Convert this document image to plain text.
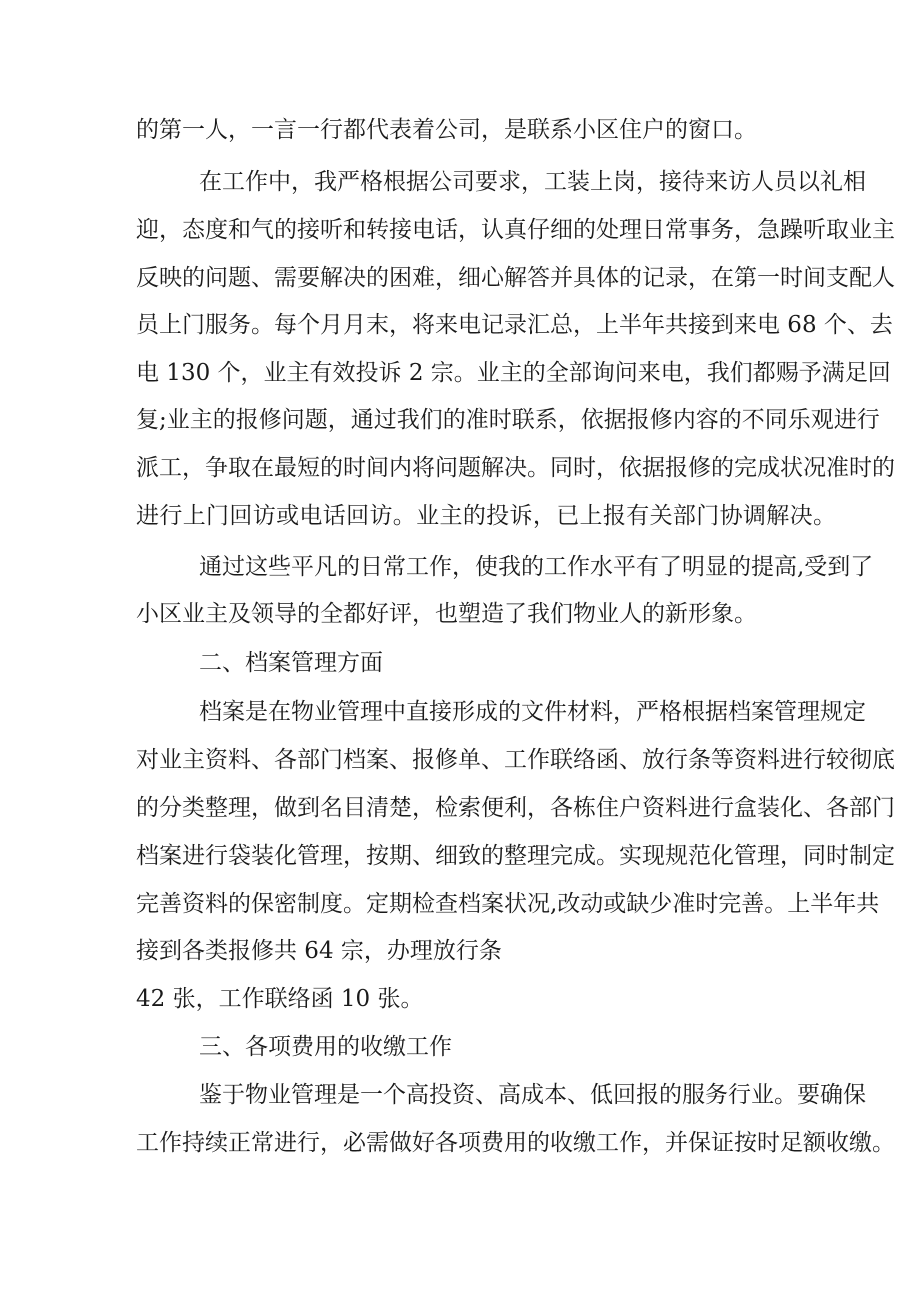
的第一人，一言一行都代表着公司，是联系小区住户的窗口。
在工作中，我严格根据公司要求，工装上岗，接待来访人员以礼相
迎，态度和气的接听和转接电话，认真仔细的处理日常事务，急躁听取业主
反映的问题、需要解决的困难，细心解答并具体的记录，在第一时间支配人
员上门服务。每个月月末，将来电记录汇总，上半年共接到来电 68 个、去
电 130 个，业主有效投诉 2 宗。业主的全部询问来电，我们都赐予满足回
复;业主的报修问题，通过我们的准时联系，依据报修内容的不同乐观进行
派工，争取在最短的时间内将问题解决。同时，依据报修的完成状况准时的
进行上门回访或电话回访。业主的投诉，已上报有关部门协调解决。
通过这些平凡的日常工作，使我的工作水平有了明显的提高,受到了
小区业主及领导的全都好评，也塑造了我们物业人的新形象。
二、档案管理方面
档案是在物业管理中直接形成的文件材料，严格根据档案管理规定
对业主资料、各部门档案、报修单、工作联络函、放行条等资料进行较彻底
的分类整理，做到名目清楚，检索便利，各栋住户资料进行盒装化、各部门
档案进行袋装化管理，按期、细致的整理完成。实现规范化管理，同时制定
完善资料的保密制度。定期检查档案状况,改动或缺少准时完善。上半年共
接到各类报修共 64 宗，办理放行条
42 张，工作联络函 10 张。
三、各项费用的收缴工作
鉴于物业管理是一个高投资、高成本、低回报的服务行业。要确保
工作持续正常进行，必需做好各项费用的收缴工作，并保证按时足额收缴。
